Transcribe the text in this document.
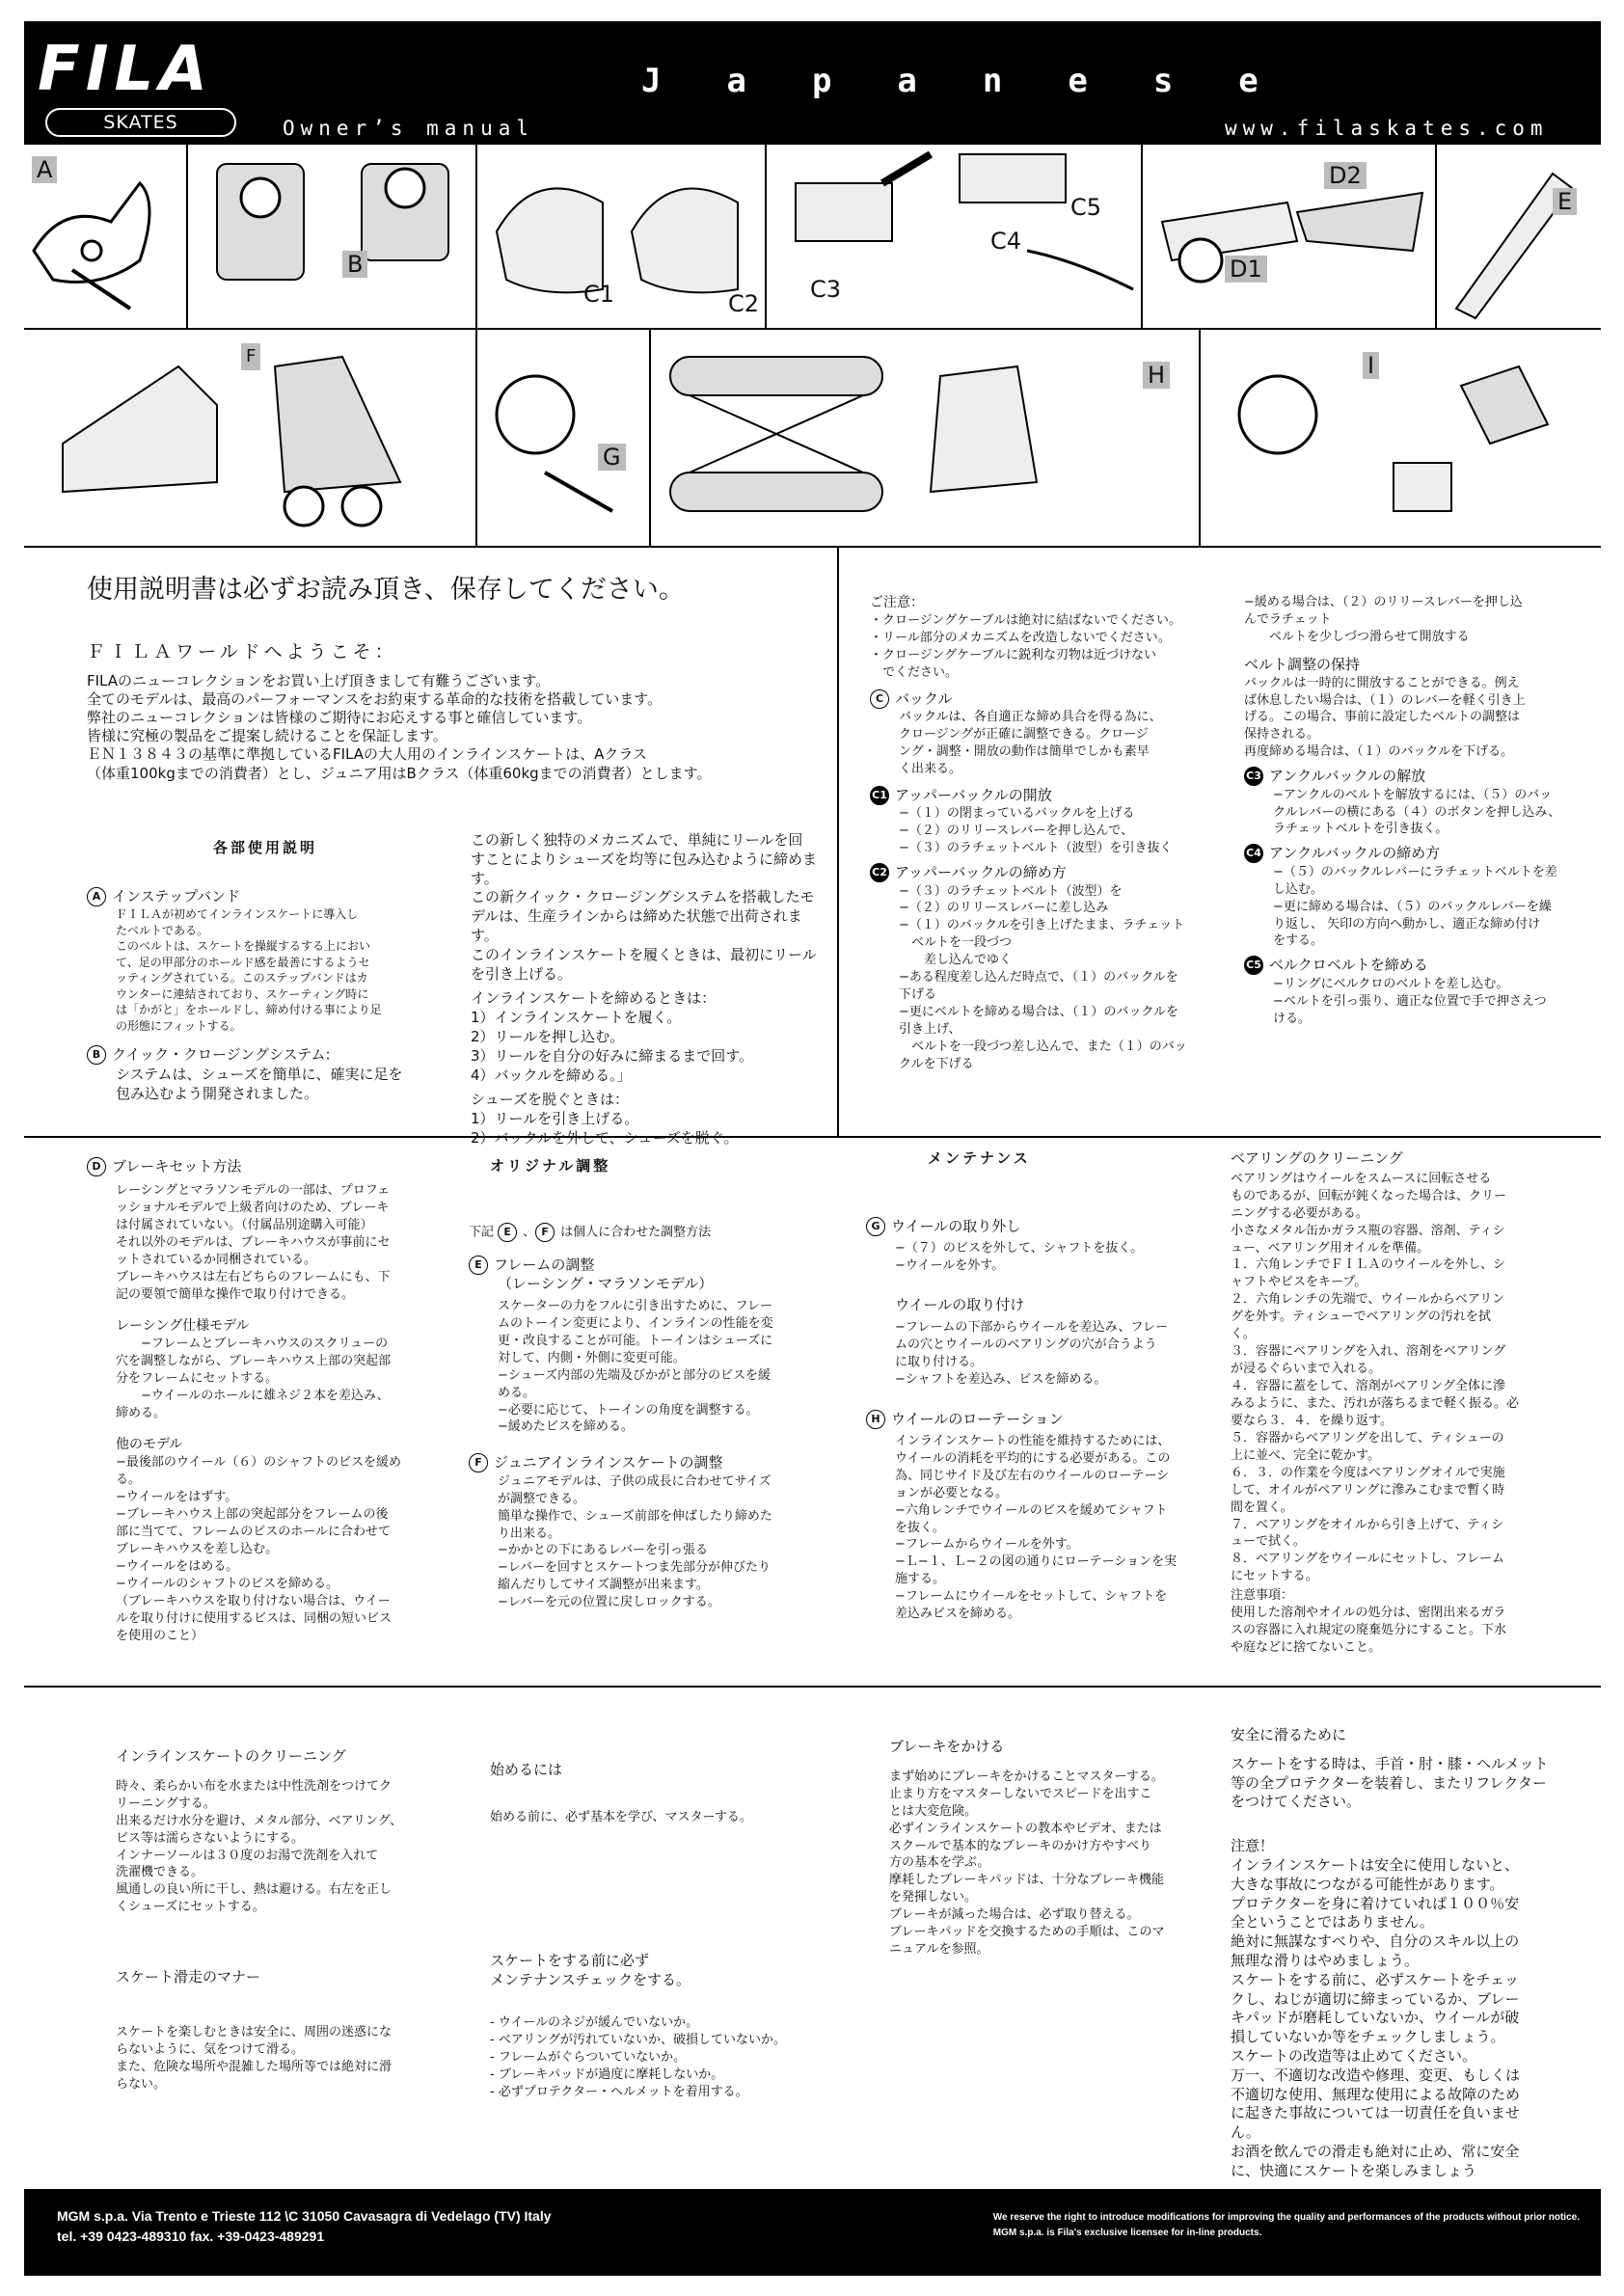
FILA
SKATES
Japanese
Owner’s manual	www.filaskates.com
A
B
C1	C2
C3
C4
C5
D2
D1
E
F
G
H	I
使用説明書は必ずお読み頂き、保存してください。
ＦＩＬＡワールドへようこそ：

FILAのニューコレクションをお買い上げ頂きまして有難うございます。

全てのモデルは、最高のパーフォーマンスをお約束する革命的な技術を搭載しています。

弊社のニューコレクションは皆様のご期待にお応えする事と確信しています。

皆様に究極の製品をご提案し続けることを保証します。

ＥＮ１３８４３の基準に準拠しているFILAの大人用のインラインスケートは、Aクラス

（体重100kgまでの消費者）とし、ジュニア用はBクラス（体重60kgまでの消費者）とします。

各部使用説明
A インステップバンド

ＦＩＬＡが初めてインラインスケートに導入し

たベルトである。

このベルトは、スケートを操縦するする上におい

て、足の甲部分のホールド感を最善にするようセ

ッティングされている。このステップバンドはカ

ウンターに連結されており、スケーティング時に

は「かがと」をホールドし、締め付ける事により足

の形態にフィットする。

B クイック・クロージングシステム:

システムは、シューズを簡単に、確実に足を

包み込むよう開発されました。

この新しく独特のメカニズムで、単純にリールを回

すことによりシューズを均等に包み込むように締めます。

この新クイック・クロージングシステムを搭載したモ

デルは、生産ラインからは締めた状態で出荷されます。

このインラインスケートを履くときは、最初にリール

を引き上げる。

インラインスケートを締めるときは：

1）インラインスケートを履く。

2）リールを押し込む。

3）リールを自分の好みに締まるまで回す。

4）バックルを締める。」

シューズを脱ぐときは：

1）リールを引き上げる。

2）バックルを外して、シューズを脱ぐ。

ご注意：

・クロージングケーブルは絶対に結ばないでください。

・リール部分のメカニズムを改造しないでください。

・クロージングケーブルに鋭利な刃物は近づけない

　でください。

C バックル

バックルは、各自適正な締め具合を得る為に、

クロージングが正確に調整できる。クロージ

ング・調整・開放の動作は簡単でしかも素早

く出来る。

C1 アッパーバックルの開放

−（１）の閉まっているバックルを上げる

−（２）のリリースレバーを押し込んで、

−（３）のラチェットベルト（波型）を引き抜く

C2 アッパーバックルの締め方

−（３）のラチェットベルト（波型）を

−（２）のリリースレバーに差し込み

−（１）のバックルを引き上げたまま、ラチェット

　ベルトを一段づつ

　　差し込んでゆく

−ある程度差し込んだ時点で、（１）のバックルを

下げる

−更にベルトを締める場合は、（１）のバックルを

引き上げ、

　ベルトを一段づつ差し込んで、また（１）のバッ

クルを下げる

−緩める場合は、（２）のリリースレバーを押し込

んでラチェット

　　ベルトを少しづつ滑らせて開放する

ベルト調整の保持

バックルは一時的に開放することができる。例え

ば休息したい場合は、（１）のレバーを軽く引き上

げる。この場合、事前に設定したベルトの調整は

保持される。

再度締める場合は、（１）のバックルを下げる。

C3 アンクルバックルの解放

−アンクルのベルトを解放するには、（５）のバッ

クルレバーの横にある（４）のボタンを押し込み、

ラチェットベルトを引き抜く。

C4 アンクルバックルの締め方

−（５）のバックルレバーにラチェットベルトを差

し込む。

−更に締める場合は、（５）のバックルレバーを繰

り返し、 矢印の方向へ動かし、適正な締め付け

をする。

C5 ベルクロベルトを締める

−リングにベルクロのベルトを差し込む。

−ベルトを引っ張り、適正な位置で手で押さえつ

ける。

D ブレーキセット方法

レーシングとマラソンモデルの一部は、プロフェ

ッショナルモデルで上級者向けのため、ブレーキ

は付属されていない。（付属品別途購入可能）

それ以外のモデルは、ブレーキハウスが事前にセ

ットされているか同梱されている。

ブレーキハウスは左右どちらのフレームにも、下

記の要領で簡単な操作で取り付けできる。

レーシング仕様モデル

　　−フレームとブレーキハウスのスクリューの

穴を調整しながら、ブレーキハウス上部の突起部

分をフレームにセットする。

　　−ウイールのホールに雄ネジ２本を差込み、

締める。

他のモデル

−最後部のウイール（６）のシャフトのビスを緩め

る。

−ウイールをはずす。

−ブレーキハウス上部の突起部分をフレームの後

部に当てて、フレームのビスのホールに合わせて

ブレーキハウスを差し込む。

−ウイールをはめる。

−ウイールのシャフトのビスを締める。

（ブレーキハウスを取り付けない場合は、ウイー

ルを取り付けに使用するビスは、同梱の短いビス

を使用のこと）

オリジナル調整
下記 E 、 F は個人に合わせた調整方法
E フレームの調整
（レーシング・マラソンモデル）

スケーターの力をフルに引き出すために、フレー

ムのトーイン変更により、インラインの性能を変

更・改良することが可能。トーインはシューズに

対して、内側・外側に変更可能。

−シューズ内部の先端及びかがと部分のビスを緩

める。

−必要に応じて、トーインの角度を調整する。

−緩めたビスを締める。

F ジュニアインラインスケートの調整

ジュニアモデルは、子供の成長に合わせてサイズ

が調整できる。

簡単な操作で、シューズ前部を伸ばしたり締めた

り出来る。

−かかとの下にあるレバーを引っ張る

−レバーを回すとスケートつま先部分が伸びたり

縮んだりしてサイズ調整が出来ます。

−レバーを元の位置に戻しロックする。

メンテナンス
G ウイールの取り外し

−（７）のビスを外して、シャフトを抜く。

−ウイールを外す。

ウイールの取り付け

−フレームの下部からウイールを差込み、フレー

ムの穴とウイールのベアリングの穴が合うよう

に取り付ける。

−シャフトを差込み、ビスを締める。

H ウイールのローテーション

インラインスケートの性能を維持するためには、

ウイールの消耗を平均的にする必要がある。この

為、同じサイド及び左右のウイールのローテーシ

ョンが必要となる。

−六角レンチでウイールのビスを緩めてシャフト

を抜く。

−フレームからウイールを外す。

−Ｌ−１、Ｌ−２の図の通りにローテーションを実

施する。

−フレームにウイールをセットして、シャフトを

差込みビスを締める。

ベアリングのクリーニング

ベアリングはウイールをスムースに回転させる

ものであるが、回転が鈍くなった場合は、クリー

ニングする必要がある。

小さなメタル缶かガラス瓶の容器、溶剤、ティシ

ュー、ベアリング用オイルを準備。

１．六角レンチでＦＩＬＡのウイールを外し、シ

ャフトやビスをキープ。

２．六角レンチの先端で、ウイールからベアリン

グを外す。ティシューでベアリングの汚れを拭

く。

３．容器にベアリングを入れ、溶剤をベアリング

が浸るぐらいまで入れる。

４．容器に蓋をして、溶剤がベアリング全体に滲

みるように、また、汚れが落ちるまで軽く振る。必

要なら３．４．を繰り返す。

５．容器からベアリングを出して、ティシューの

上に並べ、完全に乾かす。

６．３．の作業を今度はベアリングオイルで実施

して、オイルがベアリングに滲みこむまで暫く時

間を置く。

７．ベアリングをオイルから引き上げて、ティシ

ューで拭く。

８．ベアリングをウイールにセットし、フレーム

にセットする。

注意事項：

使用した溶剤やオイルの処分は、密閉出来るガラ

スの容器に入れ規定の廃棄処分にすること。下水

や庭などに捨てないこと。

インラインスケートのクリーニング

時々、柔らかい布を水または中性洗剤をつけてク

リーニングする。

出来るだけ水分を避け、メタル部分、ベアリング、

ビス等は濡らさないようにする。

インナーソールは３０度のお湯で洗剤を入れて

洗濯機できる。

風通しの良い所に干し、熱は避ける。右左を正し

くシューズにセットする。

スケート滑走のマナー

スケートを楽しむときは安全に、周囲の迷惑にな

らないように、気をつけて滑る。

また、危険な場所や混雑した場所等では絶対に滑

らない。

始めるには
始める前に、必ず基本を学び、マスターする。

スケートをする前に必ず

メンテナンスチェックをする。

- ウイールのネジが緩んでいないか。

- ベアリングが汚れていないか、破損していないか。

- フレームがぐらついていないか。

- ブレーキパッドが過度に摩耗しないか。

- 必ずプロテクター・ヘルメットを着用する。

ブレーキをかける

まず始めにブレーキをかけることマスターする。

止まり方をマスターしないでスピードを出すこ

とは大変危険。

必ずインラインスケートの教本やビデオ、または

スクールで基本的なブレーキのかけ方やすべり

方の基本を学ぶ。

摩耗したブレーキパッドは、十分なブレーキ機能

を発揮しない。

ブレーキが減った場合は、必ず取り替える。

ブレーキパッドを交換するための手順は、このマ

ニュアルを参照。

安全に滑るために

スケートをする時は、手首・肘・膝・ヘルメット

等の全プロテクターを装着し、またリフレクター

をつけてください。

注意！

インラインスケートは安全に使用しないと、

大きな事故につながる可能性があります。

プロテクターを身に着けていれば１００％安

全ということではありません。

絶対に無謀なすべりや、自分のスキル以上の

無理な滑りはやめましょう。

スケートをする前に、必ずスケートをチェッ

クし、ねじが適切に締まっているか、ブレー

キパッドが磨耗していないか、ウイールが破

損していないか等をチェックしましょう。

スケートの改造等は止めてください。

万一、不適切な改造や修理、変更、もしくは

不適切な使用、無理な使用による故障のため

に起きた事故については一切責任を負いませ

ん。

お酒を飲んでの滑走も絶対に止め、常に安全

に、快適にスケートを楽しみましょう

MGM s.p.a. Via Trento e Trieste 112 \C 31050 Cavasagra di Vedelago (TV) Italy

tel. +39 0423-489310 fax. +39-0423-489291

We reserve the right to introduce modifications for improving the quality and performances of the products without prior notice.

MGM s.p.a. is Fila's exclusive licensee for in-line products.
